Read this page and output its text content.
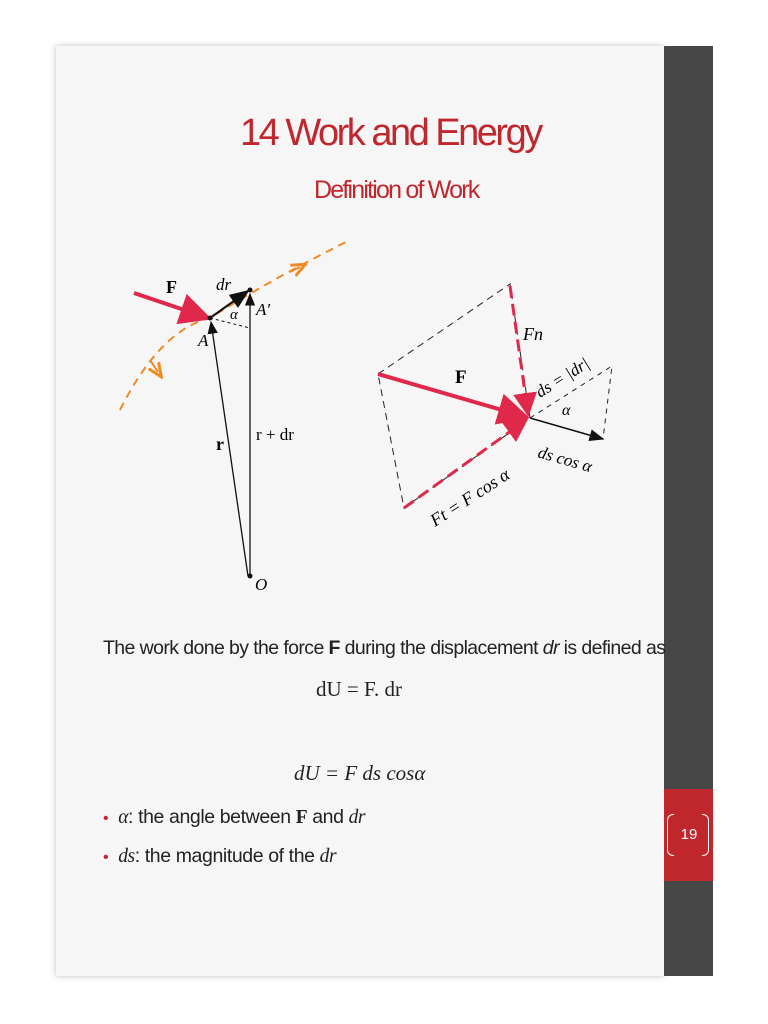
19
14 Work and Energy
Definition of Work
F dr
α
A
A′
r r + dr
O
F
Fn
ds = |dr|
α
ds cos α
Ft = F cos α
The work done by the force F during the displacement dr is defined as
dU = F. dr
dU = F ds cosα
• α: the angle between F and dr
• ds: the magnitude of the dr
